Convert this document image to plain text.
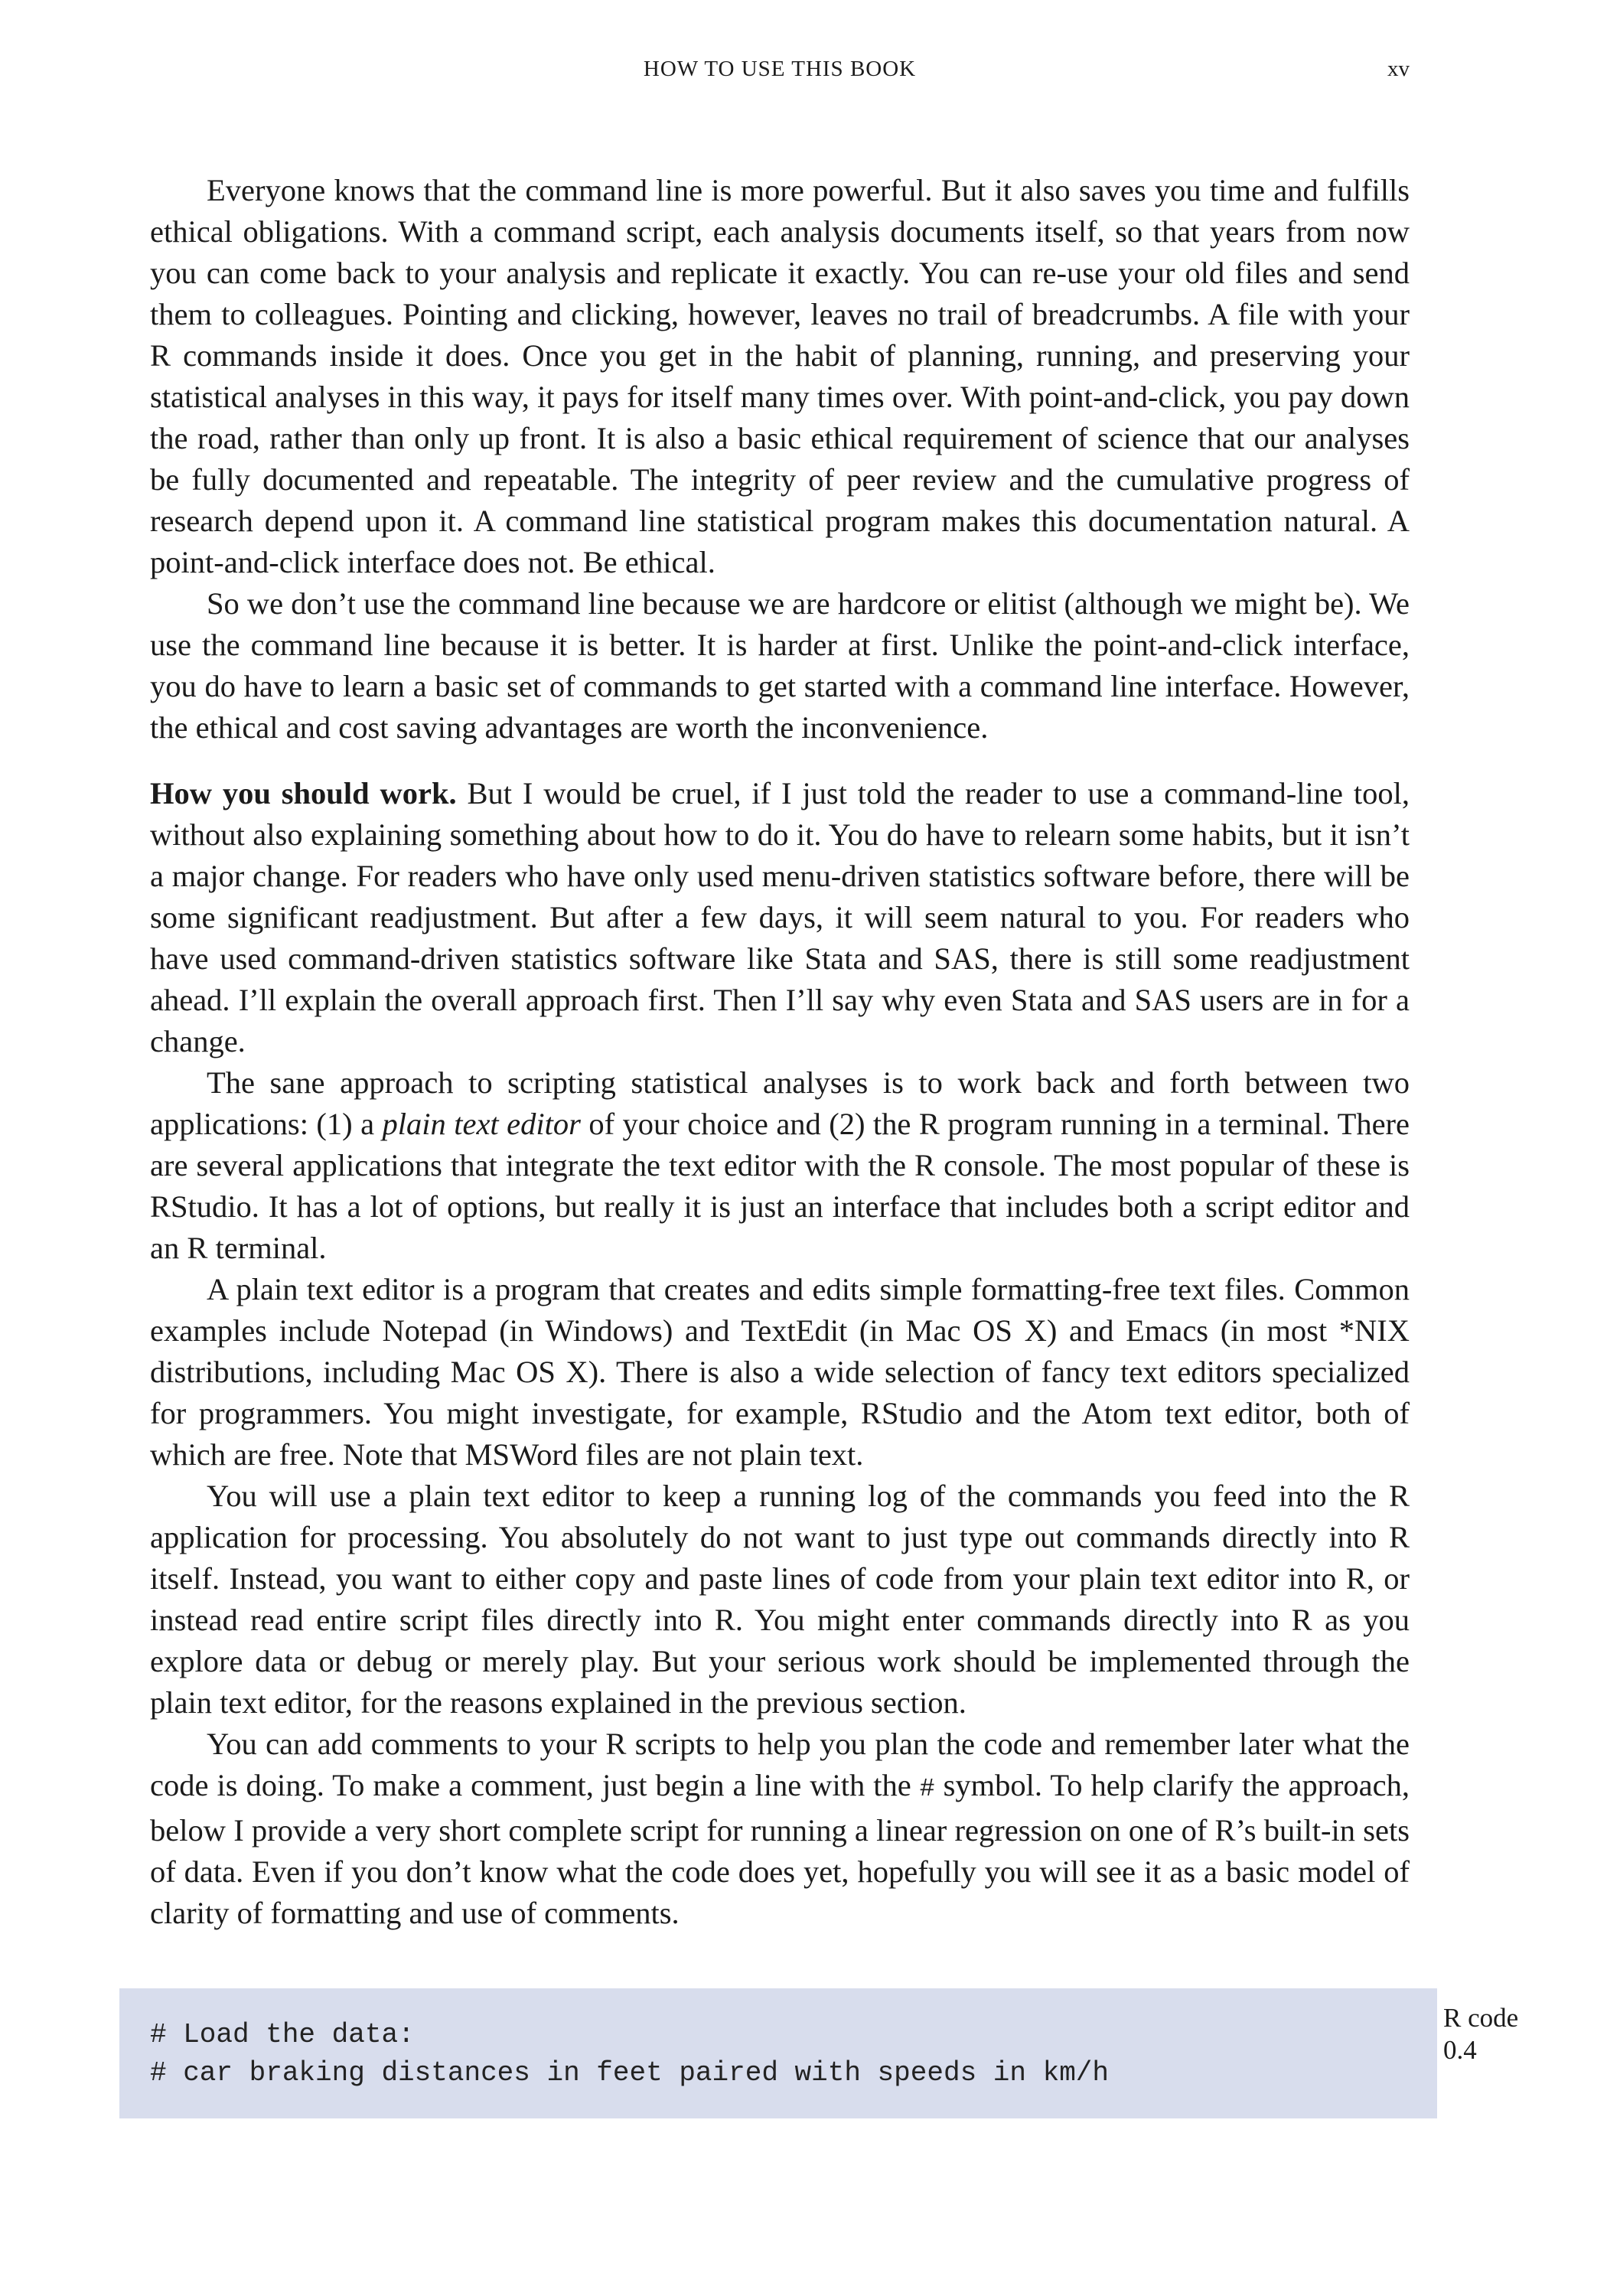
HOW TO USE THIS BOOK	xv

Everyone knows that the command line is more powerful. But it also saves you time and fulfills ethical obligations. With a command script, each analysis documents itself, so that years from now you can come back to your analysis and replicate it exactly. You can re-use your old files and send them to colleagues. Pointing and clicking, however, leaves no trail of breadcrumbs. A file with your R commands inside it does. Once you get in the habit of planning, running, and preserving your statistical analyses in this way, it pays for itself many times over. With point-and-click, you pay down the road, rather than only up front. It is also a basic ethical requirement of science that our analyses be fully documented and repeatable. The integrity of peer review and the cumulative progress of research depend upon it. A command line statistical program makes this documentation natural. A point-and-click interface does not. Be ethical.

So we don’t use the command line because we are hardcore or elitist (although we might be). We use the command line because it is better. It is harder at first. Unlike the point-and-click interface, you do have to learn a basic set of commands to get started with a command line interface. However, the ethical and cost saving advantages are worth the inconvenience.

How you should work. But I would be cruel, if I just told the reader to use a command-line tool, without also explaining something about how to do it. You do have to relearn some habits, but it isn’t a major change. For readers who have only used menu-driven statistics software before, there will be some significant readjustment. But after a few days, it will seem natural to you. For readers who have used command-driven statistics software like Stata and SAS, there is still some readjustment ahead. I’ll explain the overall approach first. Then I’ll say why even Stata and SAS users are in for a change.

The sane approach to scripting statistical analyses is to work back and forth between two applications: (1) a plain text editor of your choice and (2) the R program running in a terminal. There are several applications that integrate the text editor with the R console. The most popular of these is RStudio. It has a lot of options, but really it is just an interface that includes both a script editor and an R terminal.

A plain text editor is a program that creates and edits simple formatting-free text files. Common examples include Notepad (in Windows) and TextEdit (in Mac OS X) and Emacs (in most *NIX distributions, including Mac OS X). There is also a wide selection of fancy text editors specialized for programmers. You might investigate, for example, RStudio and the Atom text editor, both of which are free. Note that MSWord files are not plain text.

You will use a plain text editor to keep a running log of the commands you feed into the R application for processing. You absolutely do not want to just type out commands directly into R itself. Instead, you want to either copy and paste lines of code from your plain text editor into R, or instead read entire script files directly into R. You might enter commands directly into R as you explore data or debug or merely play. But your serious work should be implemented through the plain text editor, for the reasons explained in the previous section.

You can add comments to your R scripts to help you plan the code and remember later what the code is doing. To make a comment, just begin a line with the # symbol. To help clarify the approach, below I provide a very short complete script for running a linear regression on one of R’s built-in sets of data. Even if you don’t know what the code does yet, hopefully you will see it as a basic model of clarity of formatting and use of comments.

# Load the data:
# car braking distances in feet paired with speeds in km/h
R code
0.4
